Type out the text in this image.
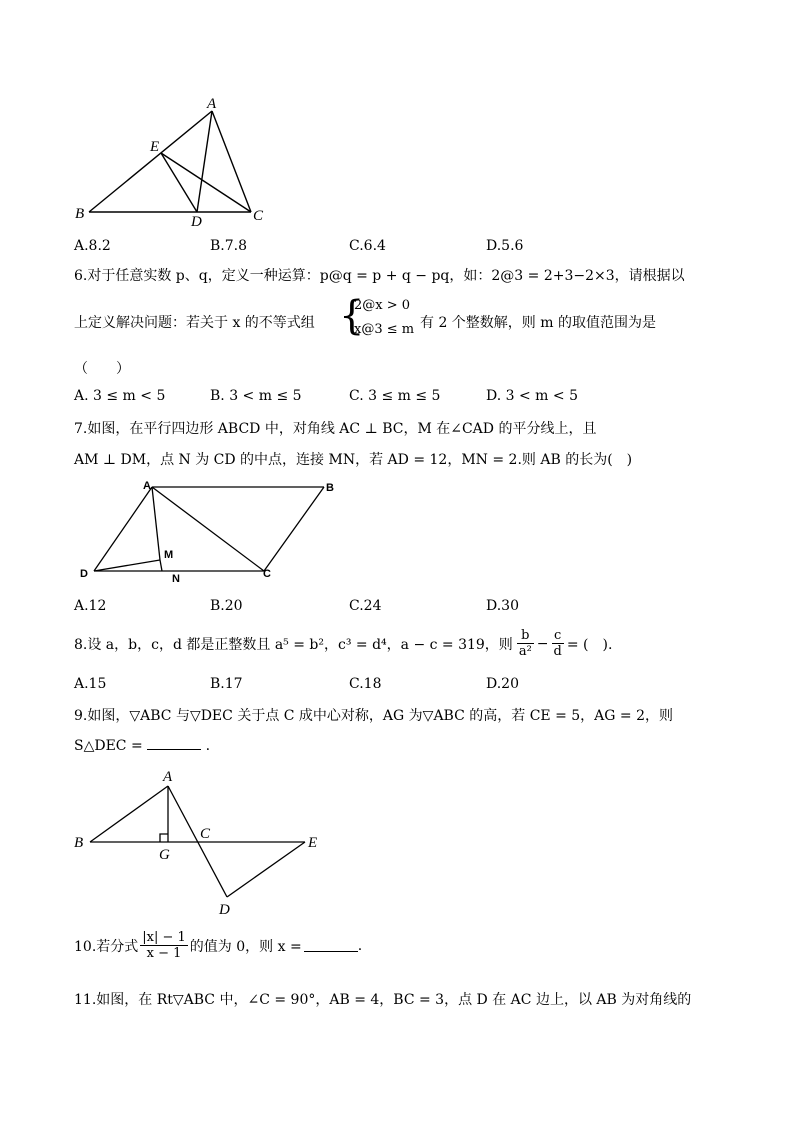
A
E
B	D	C
A.8.2	B.7.8	C.6.4	D.5.6
6.对于任意实数 p、q，定义一种运算：p@q = p + q − pq，如：2@3 = 2+3−2×3，请根据以
上定义解决问题：若关于 x 的不等式组 {
2@x > 0
x@3 ≤ m 有 2 个整数解，则 m 的取值范围为是
（　　）
A. 3 ≤ m < 5	B. 3 < m ≤ 5	C. 3 ≤ m ≤ 5	D. 3 < m < 5
7.如图，在平行四边形 ABCD 中，对角线 AC ⊥ BC，M 在∠CAD 的平分线上，且
AM ⊥ DM，点 N 为 CD 的中点，连接 MN，若 AD = 12，MN = 2.则 AB 的长为(　)
A	B
M
D	N	C
A.12	B.20	C.24	D.30
8.设 a，b，c，d 都是正整数且 a⁵ = b²，c³ = d⁴，a − c = 319，则 $\frac{b}{\text{a²}} - \frac{c}{d}$ = (　).
A.15	B.17	C.18	D.20
9.如图，▽ABC 与▽DEC 关于点 C 成中心对称，AG 为▽ABC 的高，若 CE = 5，AG = 2，则
S△DEC =	.
A
B
G
C
E
D
10.若分式 $\frac{|x| - 1}{x - 1}$ 的值为 0，则 x =	.
11.如图，在 Rt▽ABC 中，∠C = 90°，AB = 4，BC = 3，点 D 在 AC 边上，以 AB 为对角线的
